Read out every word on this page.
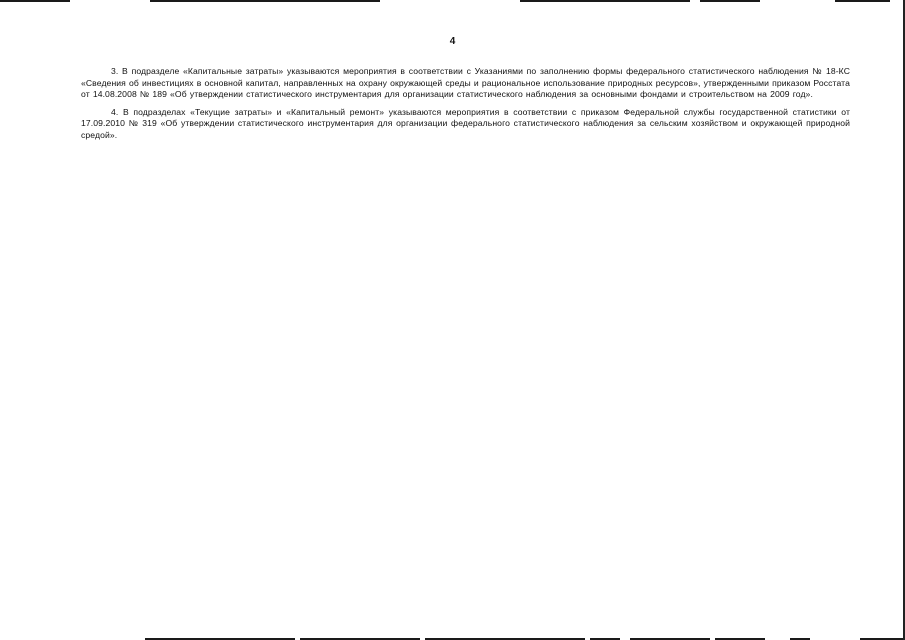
4

3. В подразделе «Капитальные затраты» указываются мероприятия в соответствии с Указаниями по заполнению формы федерального статистического наблюдения № 18-КС «Сведения об инвестициях в основной капитал, направленных на охрану окружающей среды и рациональное использование природных ресурсов», утвержденными приказом Росстата от 14.08.2008 № 189 «Об утверждении статистического инструментария для организации статистического наблюдения за основными фондами и строительством на 2009 год».

4. В подразделах «Текущие затраты» и «Капитальный ремонт» указываются мероприятия в соответствии с приказом Федеральной службы государственной статистики от 17.09.2010 № 319 «Об утверждении статистического инструментария для организации федерального статистического наблюдения за сельским хозяйством и окружающей природной средой».
